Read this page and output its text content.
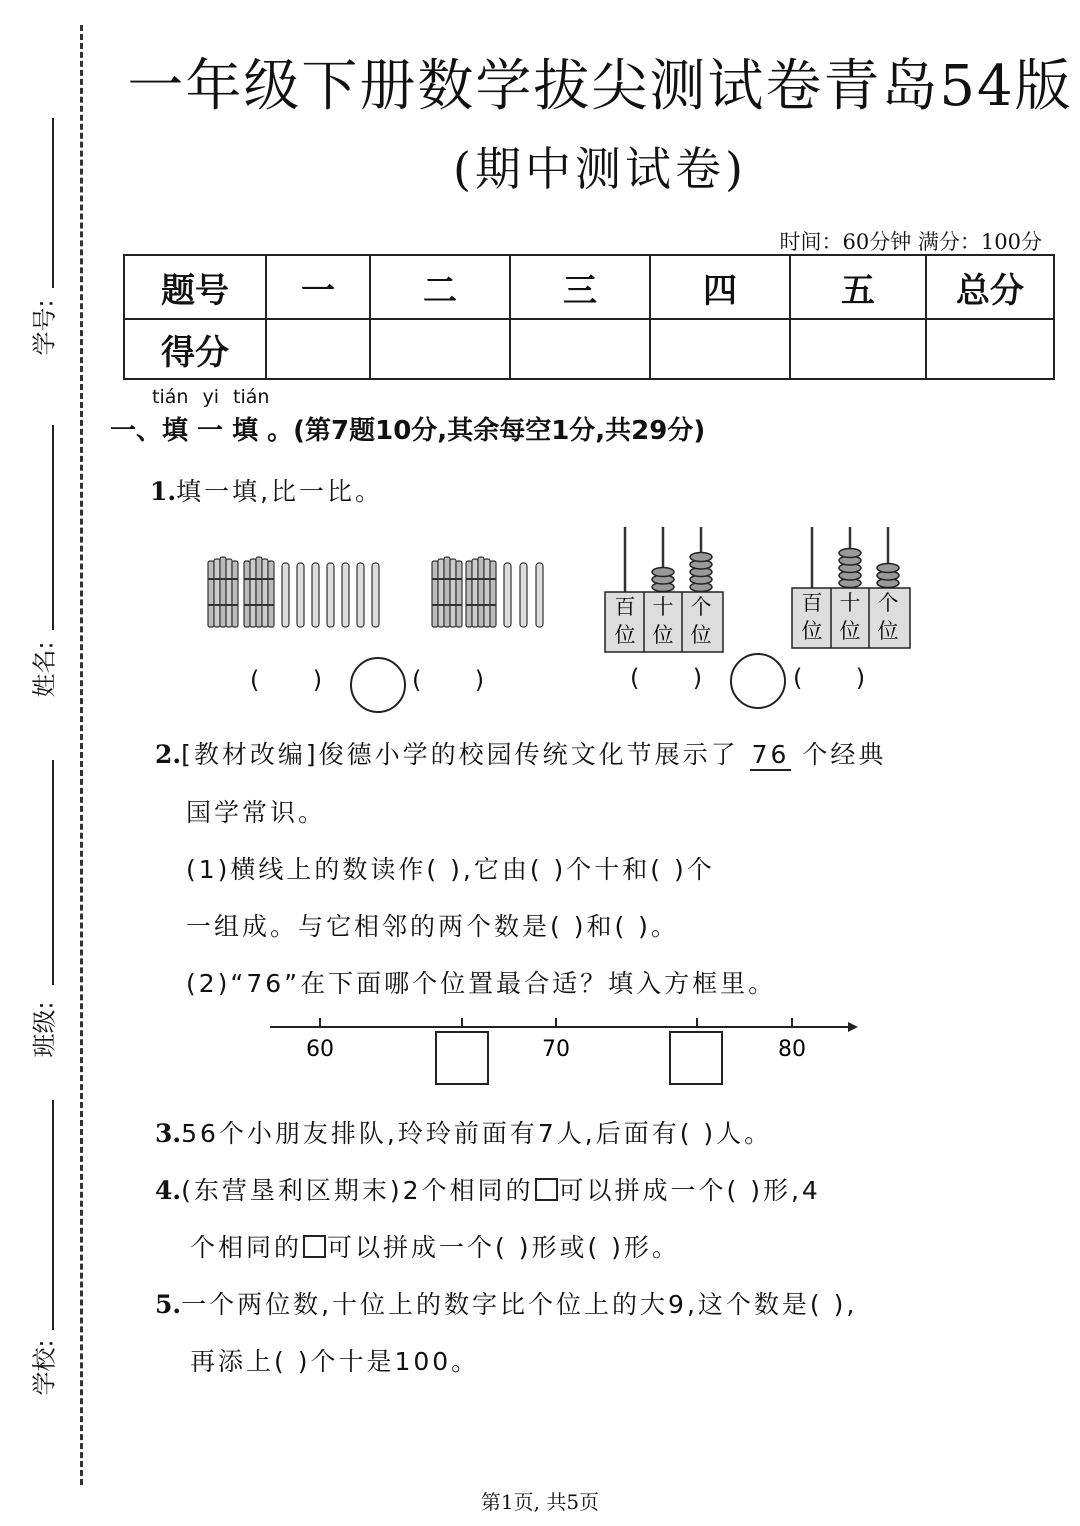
学号:
姓名:
班级:
学校:
一年级下册数学拔尖测试卷青岛54版
(期中测试卷)
时间：60分钟 满分：100分
题号	一	二	三	四	五	总分
得分						
tián yi tián
一、填 一 填 。(第7题10分,其余每空1分,共29分)
1.填一填,比一比。
百
位
十
位
个
位
百
位
十
位
个
位
(       )	(       )	(       )	(       )
2.[教材改编]俊德小学的校园传统文化节展示了 76 个经典
国学常识。
(1)横线上的数读作( ),它由( )个十和( )个
一组成。与它相邻的两个数是( )和( )。
(2)“76”在下面哪个位置最合适？填入方框里。
60	70	80
3.56个小朋友排队,玲玲前面有7人,后面有( )人。
4.(东营垦利区期末)2个相同的 可以拼成一个( )形,4
个相同的 可以拼成一个( )形或( )形。
5.一个两位数,十位上的数字比个位上的大9,这个数是( ),
再添上( )个十是100。
第1页, 共5页
